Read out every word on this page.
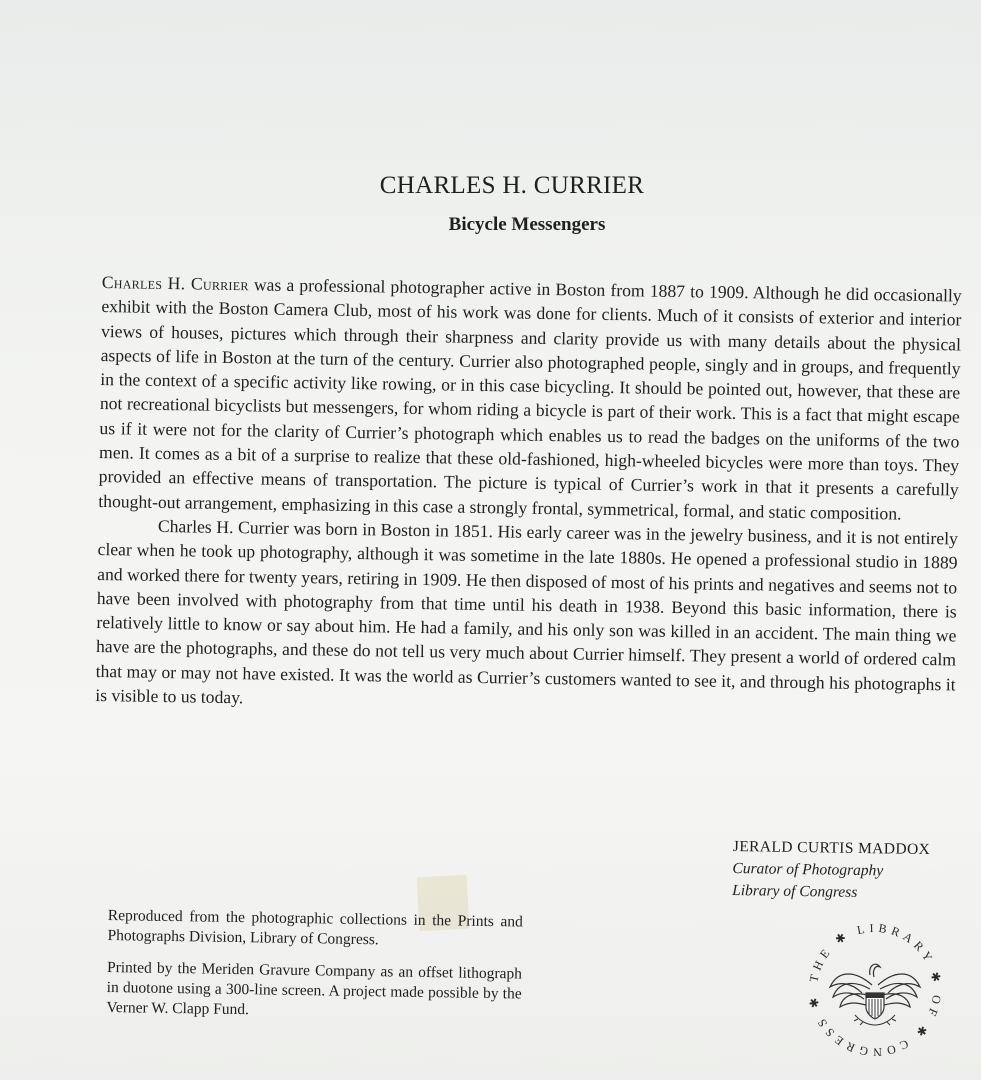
CHARLES H. CURRIER
Bicycle Messengers

Charles H. Currier was a professional photographer active in Boston from 1887 to 1909. Although he did occasionally exhibit with the Boston Camera Club, most of his work was done for clients. Much of it consists of exterior and interior views of houses, pictures which through their sharpness and clarity provide us with many details about the physical aspects of life in Boston at the turn of the century. Currier also photographed people, singly and in groups, and frequently in the context of a specific activity like rowing, or in this case bicycling. It should be pointed out, however, that these are not recreational bicyclists but messengers, for whom riding a bicycle is part of their work. This is a fact that might escape us if it were not for the clarity of Currier’s photograph which enables us to read the badges on the uniforms of the two men. It comes as a bit of a surprise to realize that these old-fashioned, high-wheeled bicycles were more than toys. They provided an effective means of transportation. The picture is typical of Currier’s work in that it presents a carefully thought-out arrangement, emphasizing in this case a strongly frontal, symmetrical, formal, and static composition.

Charles H. Currier was born in Boston in 1851. His early career was in the jewelry business, and it is not entirely clear when he took up photography, although it was sometime in the late 1880s. He opened a professional studio in 1889 and worked there for twenty years, retiring in 1909. He then disposed of most of his prints and negatives and seems not to have been involved with photography from that time until his death in 1938. Beyond this basic information, there is relatively little to know or say about him. He had a family, and his only son was killed in an accident. The main thing we have are the photographs, and these do not tell us very much about Currier himself. They present a world of ordered calm that may or may not have existed. It was the world as Currier’s customers wanted to see it, and through his photographs it is visible to us today.

JERALD CURTIS MADDOX
Curator of Photography
Library of Congress

Reproduced from the photographic collections in the Prints and Photographs Division, Library of Congress.

Printed by the Meriden Gravure Company as an offset lithograph in duotone using a 300-line screen. A project made possible by the Verner W. Clapp Fund.

THE ✱ LIBRARY ✱ OF ✱ CONGRESS ✱
